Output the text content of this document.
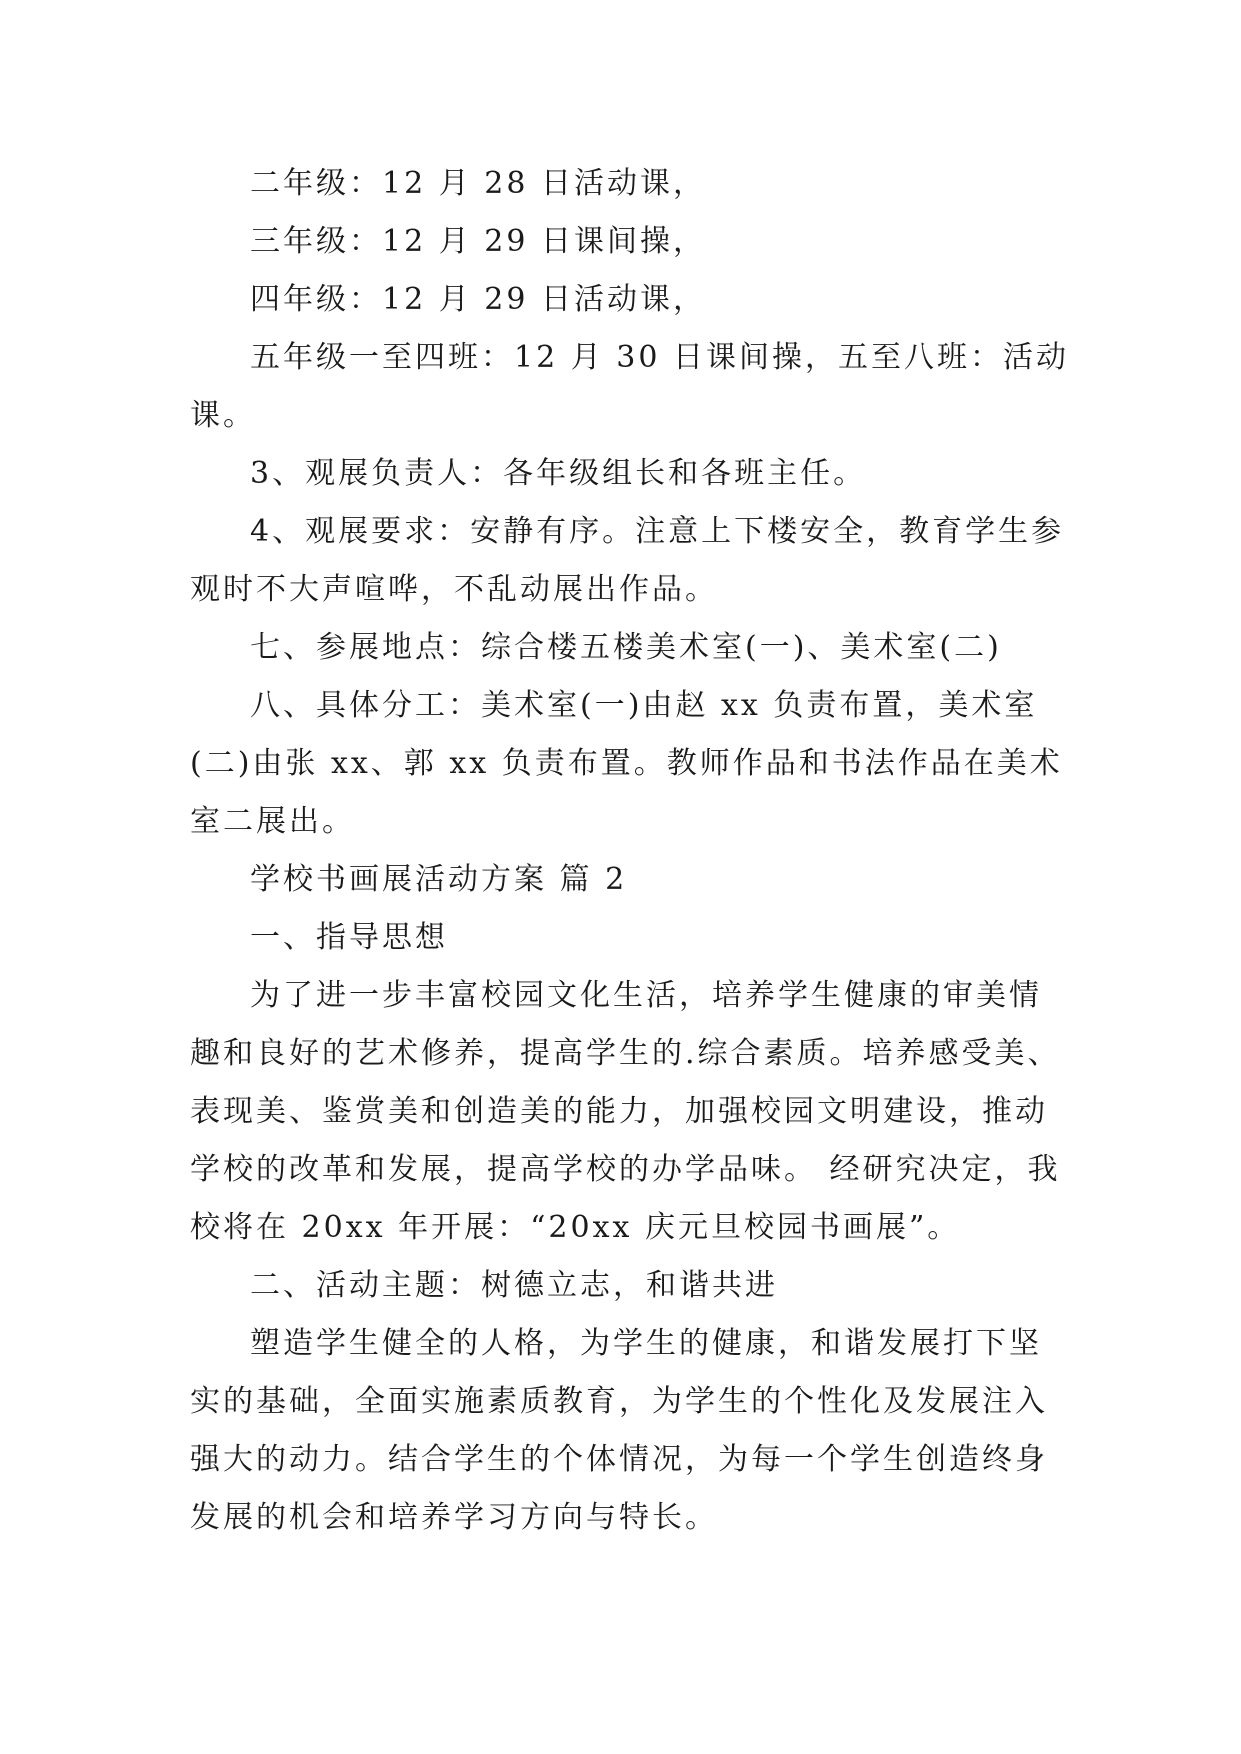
二年级：12 月 28 日活动课，

三年级：12 月 29 日课间操，

四年级：12 月 29 日活动课，

五年级一至四班：12 月 30 日课间操，五至八班：活动课。

3、观展负责人：各年级组长和各班主任。

4、观展要求：安静有序。注意上下楼安全，教育学生参观时不大声喧哗，不乱动展出作品。

七、参展地点：综合楼五楼美术室(一)、美术室(二)

八、具体分工：美术室(一)由赵 xx 负责布置，美术室(二)由张 xx、郭 xx 负责布置。教师作品和书法作品在美术室二展出。

学校书画展活动方案 篇 2

一、指导思想

为了进一步丰富校园文化生活，培养学生健康的审美情趣和良好的艺术修养，提高学生的.综合素质。培养感受美、表现美、鉴赏美和创造美的能力，加强校园文明建设，推动学校的改革和发展，提高学校的办学品味。 经研究决定，我校将在 20xx 年开展：“20xx 庆元旦校园书画展”。

二、活动主题：树德立志，和谐共进

塑造学生健全的人格，为学生的健康，和谐发展打下坚实的基础，全面实施素质教育，为学生的个性化及发展注入强大的动力。结合学生的个体情况，为每一个学生创造终身发展的机会和培养学习方向与特长。
